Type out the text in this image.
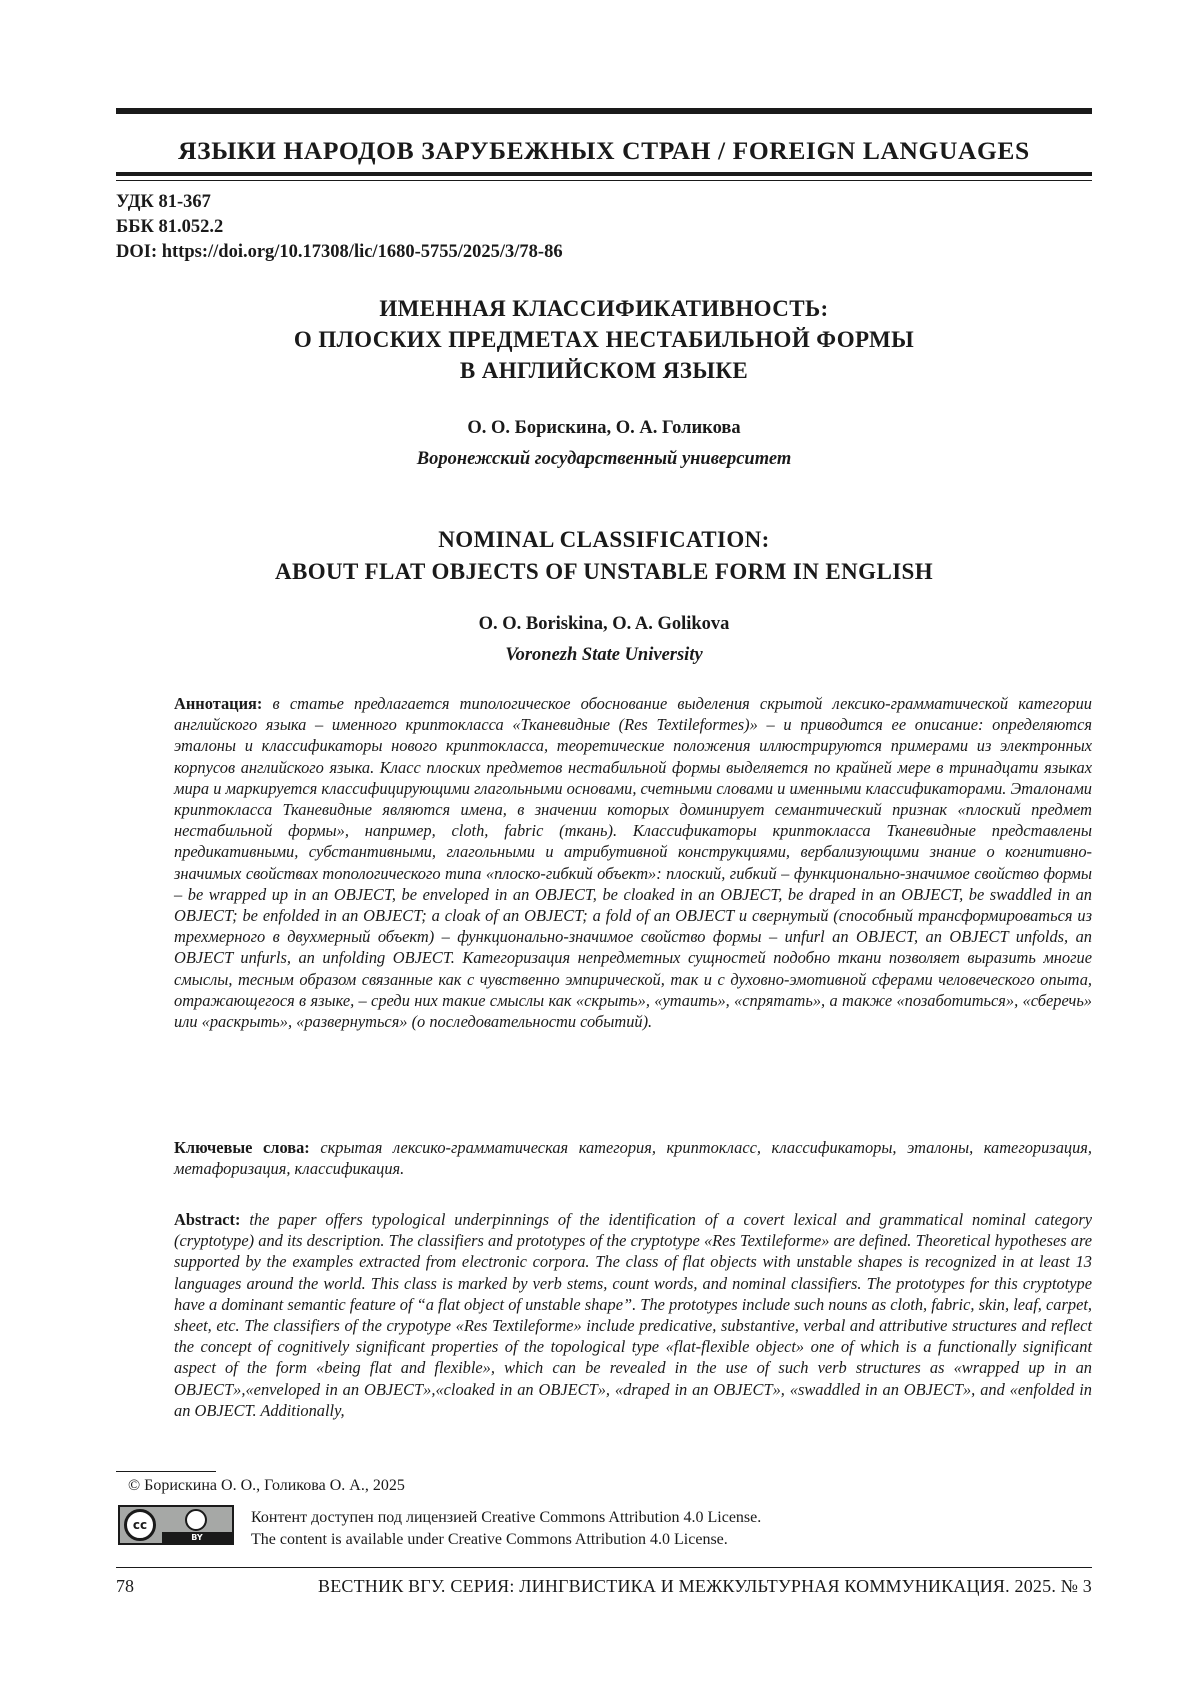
ЯЗЫКИ НАРОДОВ ЗАРУБЕЖНЫХ СТРАН / FOREIGN LANGUAGES
УДК 81-367
ББК 81.052.2
DOI: https://doi.org/10.17308/lic/1680-5755/2025/3/78-86
ИМЕННАЯ КЛАССИФИКАТИВНОСТЬ:
О ПЛОСКИХ ПРЕДМЕТАХ НЕСТАБИЛЬНОЙ ФОРМЫ
В АНГЛИЙСКОМ ЯЗЫКЕ
О. О. Борискина, О. А. Голикова
Воронежский государственный университет
NOMINAL CLASSIFICATION:
ABOUT FLAT OBJECTS OF UNSTABLE FORM IN ENGLISH
O. O. Boriskina, O. A. Golikova
Voronezh State University
Аннотация: в статье предлагается типологическое обоснование выделения скрытой лексико-грамма­тической категории английского языка – именного криптокласса «Тканевидные (Res Textileformes)» – и приводится ее описание: определяются эталоны и классификаторы нового криптокласса, теоретические положения иллюстрируются примерами из электронных корпусов английского языка. Класс плоских предметов нестабильной формы выделяется по крайней мере в тринадцати языках мира и маркируется классифицирующими глагольными основами, счетными словами и именными классификаторами. Этало­нами криптокласса Тканевидные являются имена, в значении которых доминирует семантический признак «плоский предмет нестабильной формы», например, cloth, fabric (ткань). Классификаторы криптоклас­са Тканевидные представлены предикативными, субстантивными, глагольными и атрибутивной кон­струкциями, вербализующими знание о когнитивно-значимых свойствах топологического типа «пло­ско-гибкий объект»: плоский, гибкий – функционально-значимое свойство формы – be wrapped up in an OBJECT, be enveloped in an OBJECT, be cloaked in an OBJECT, be draped in an OBJECT, be swaddled in an OBJECT; be enfolded in an OBJECT; a cloak of an OBJECT; a fold of an OBJECT и свернутый (способный трансформироваться из трехмерного в двухмерный объект) – функционально-значимое свойство формы – unfurl an OBJECT, an OBJECT unfolds, an OBJECT unfurls, an unfolding OBJECT. Категоризация непред­метных сущностей подобно ткани позволяет выразить многие смыслы, тесным образом связанные как с чувственно эмпирической, так и с духовно-эмотивной сферами человеческого опыта, отражающегося в языке, – среди них такие смыслы как «скрыть», «утаить», «спрятать», а также «позаботиться», «сберечь» или «раскрыть», «развернуться» (о последовательности событий).
Ключевые слова: скрытая лексико-грамматическая категория, криптокласс, классификаторы, этало­ны, категоризация, метафоризация, классификация.
Abstract: the paper offers typological underpinnings of the identification of a covert lexical and grammatical nominal category (cryptotype) and its description. The classifiers and prototypes of the cryptotype «Res Textileforme» are defined. Theoretical hypotheses are supported by the examples extracted from electronic corpora. The class of flat objects with unstable shapes is recognized in at least 13 languages around the world. This class is marked by verb stems, count words, and nominal classifiers. The prototypes for this cryptotype have a dominant semantic feature of “a flat object of unstable shape”. The prototypes include such nouns as cloth, fabric, skin, leaf, carpet, sheet, etc. The classifiers of the crypotype «Res Textileforme» include predicative, substantive, verbal and attributive structures and reflect the concept of cognitively significant properties of the topological type «flat-flexible object» one of which is a functionally significant aspect of the form «being flat and flexible», which can be revealed in the use of such verb structures as «wrapped up in an OBJECT»,«enveloped in an OBJECT»,«cloaked in an OBJECT», «draped in an OBJECT», «swaddled in an OBJECT», and «enfolded in an OBJECT. Additionally,
© Борискина О. О., Голикова О. А., 2025
cc
BY
Контент доступен под лицензией Creative Commons Attribution 4.0 License.
The content is available under Creative Commons Attribution 4.0 License.
78	ВЕСТНИК ВГУ. СЕРИЯ: ЛИНГВИСТИКА И МЕЖКУЛЬТУРНАЯ КОММУНИКАЦИЯ. 2025. № 3
